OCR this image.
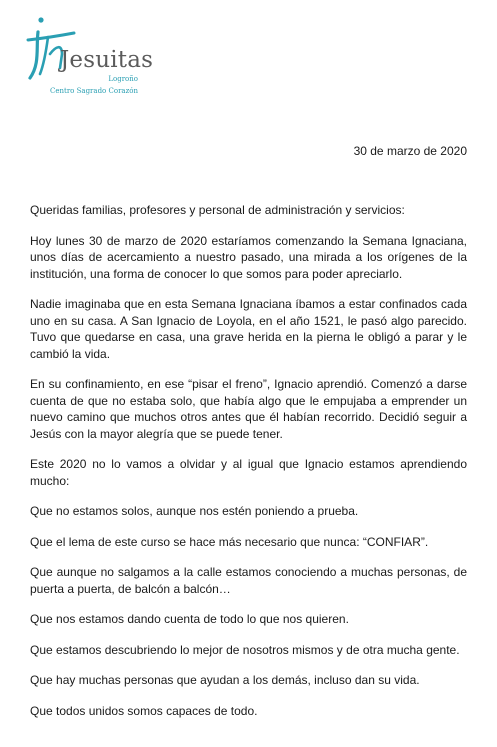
Jesuitas
Logroño
Centro Sagrado Corazón
30 de marzo de 2020

Queridas familias, profesores y personal de administración y servicios:

Hoy lunes 30 de marzo de 2020 estaríamos comenzando la Semana Ignaciana, unos días de acercamiento a nuestro pasado, una mirada a los orígenes de la institución, una forma de conocer lo que somos para poder apreciarlo.

Nadie imaginaba que en esta Semana Ignaciana íbamos a estar confinados cada uno en su casa. A San Ignacio de Loyola, en el año 1521, le pasó algo parecido. Tuvo que quedarse en casa, una grave herida en la pierna le obligó a parar y le cambió la vida.

En su confinamiento, en ese “pisar el freno”, Ignacio aprendió. Comenzó a darse cuenta de que no estaba solo, que había algo que le empujaba a emprender un nuevo camino que muchos otros antes que él habían recorrido. Decidió seguir a Jesús con la mayor alegría que se puede tener.

Este 2020 no lo vamos a olvidar y al igual que Ignacio estamos aprendiendo mucho:

Que no estamos solos, aunque nos estén poniendo a prueba.

Que el lema de este curso se hace más necesario que nunca: “CONFIAR”.

Que aunque no salgamos a la calle estamos conociendo a muchas personas, de puerta a puerta, de balcón a balcón…

Que nos estamos dando cuenta de todo lo que nos quieren.

Que estamos descubriendo lo mejor de nosotros mismos y de otra mucha gente.

Que hay muchas personas que ayudan a los demás, incluso dan su vida.

Que todos unidos somos capaces de todo.
